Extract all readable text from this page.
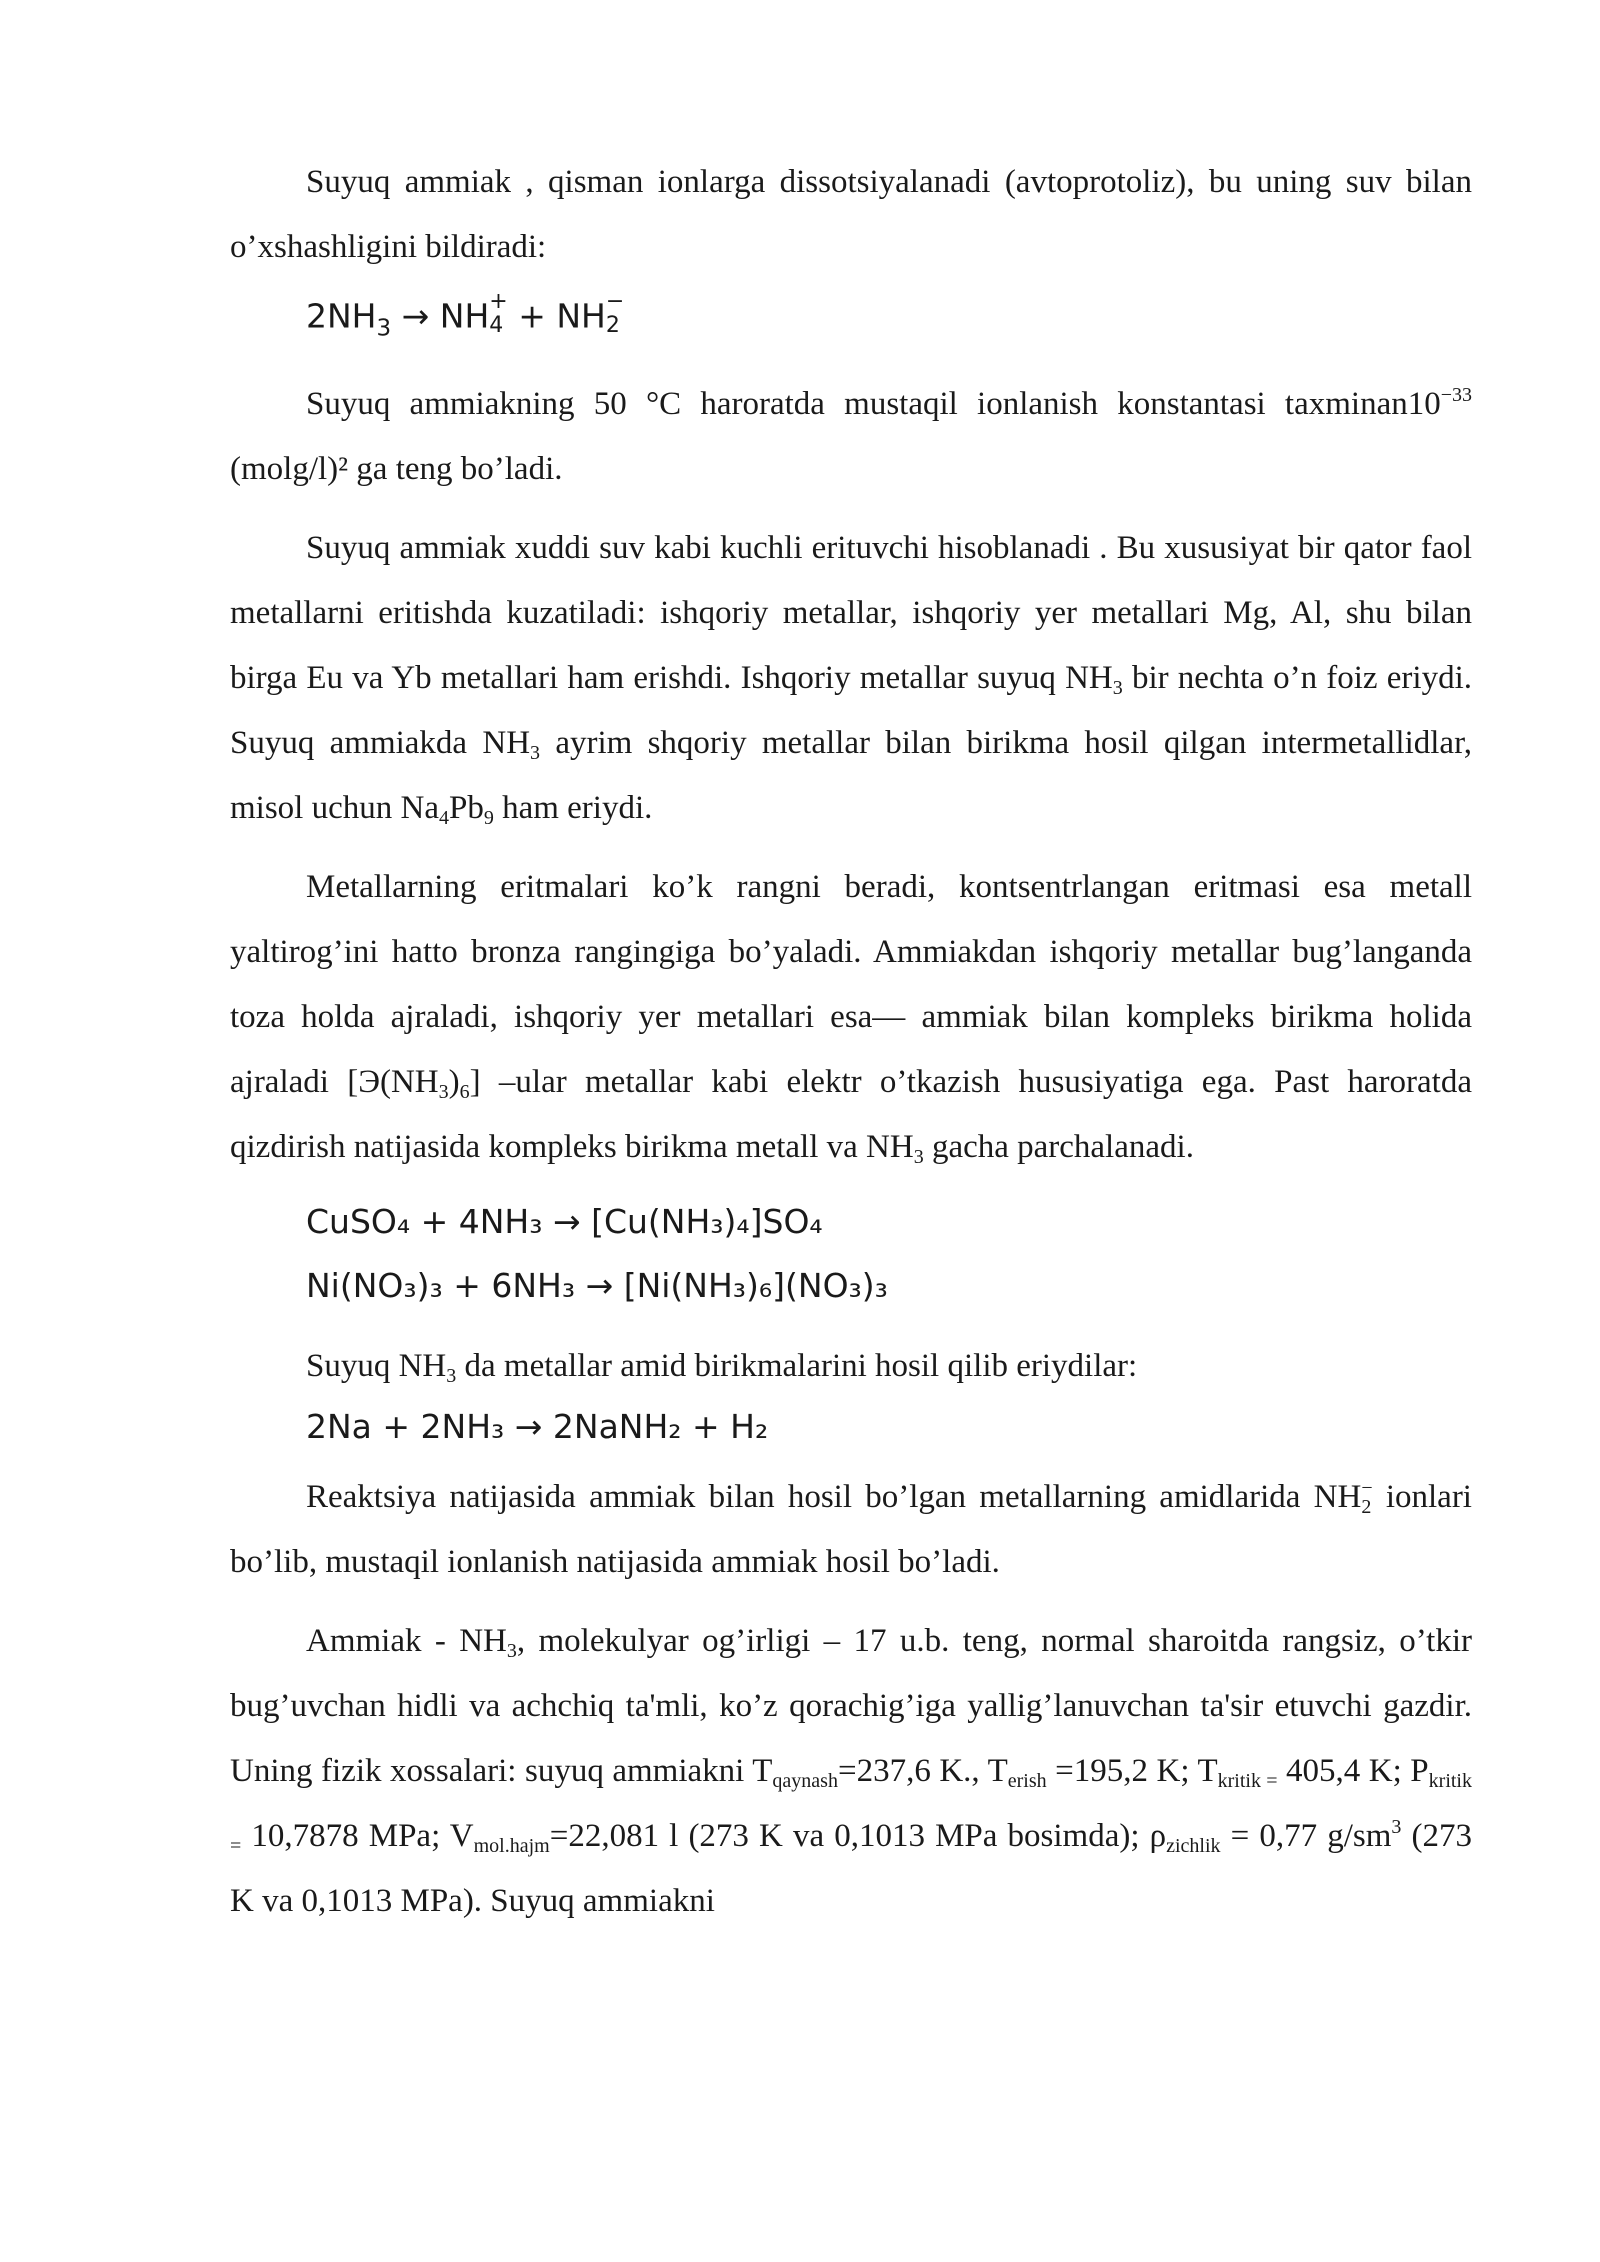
Suyuq ammiak , qisman ionlarga dissotsiyalanadi (avtoprotoliz), bu uning suv bilan o’xshashligini bildiradi:

$2NH_3$ → NH +
4 + NH −
2

Suyuq ammiakning 50 °C haroratda mustaqil ionlanish konstantasi $taxminan10^{-33}$ (molg/l)² ga teng bo’ladi.

Suyuq ammiak xuddi suv kabi kuchli erituvchi hisoblanadi . Bu xususiyat bir qator faol metallarni eritishda kuzatiladi: ishqoriy metallar, ishqoriy yer metallari Mg, Al, shu bilan birga Eu va Yb metallari ham erishdi. Ishqoriy metallar suyuq $NH_3$ bir nechta o’n foiz eriydi. Suyuq ammiakda $NH_3$ ayrim shqoriy metallar bilan birikma hosil qilgan intermetallidlar, misol uchun $Na_4Pb_9$ ham eriydi.

Metallarning eritmalari ko’k rangni beradi, kontsentrlangan eritmasi esa metall yaltirog’ini hatto bronza rangingiga bo’yaladi. Ammiakdan ishqoriy metallar bug’langanda toza holda ajraladi, ishqoriy yer metallari esa— ammiak bilan kompleks birikma holida ajraladi $[Э(NH_3)_6]$ –ular metallar kabi elektr o’tkazish hususiyatiga ega. Past haroratda qizdirish natijasida kompleks birikma metall va $NH_3$ gacha parchalanadi.

CuSO₄ + 4NH₃ → [Cu(NH₃)₄]SO₄
Ni(NO₃)₃ + 6NH₃ → [Ni(NH₃)₆](NO₃)₃

Suyuq $NH_3$ da metallar amid birikmalarini hosil qilib eriydilar:

2Na + 2NH₃ → 2NaNH₂ + H₂

Reaktsiya natijasida ammiak bilan hosil bo’lgan metallarning amidlarida $NH_2^-$ ionlari bo’lib, mustaqil ionlanish natijasida ammiak hosil bo’ladi.

Ammiak - $NH_3$, molekulyar og’irligi – 17 u.b. teng, normal sharoitda rangsiz, o’tkir bug’uvchan hidli va achchiq ta'mli, ko’z qorachig’iga yallig’lanuvchan ta'sir etuvchi gazdir. Uning fizik xossalari: suyuq ammiakni $T_{qaynash}=237,6$ K., $T_{erish} =195,2$ K; $T_{kritik =}$ 405,4 K; $P_{kritik =}$ 10,7878 MPa; $V_{mol.hajm}=22,081$ l (273 K va 0,1013 MPa bosimda); $\rho_{zichlik} = 0,77$ $g/sm^3$ (273 K va 0,1013 MPa). Suyuq ammiakni
